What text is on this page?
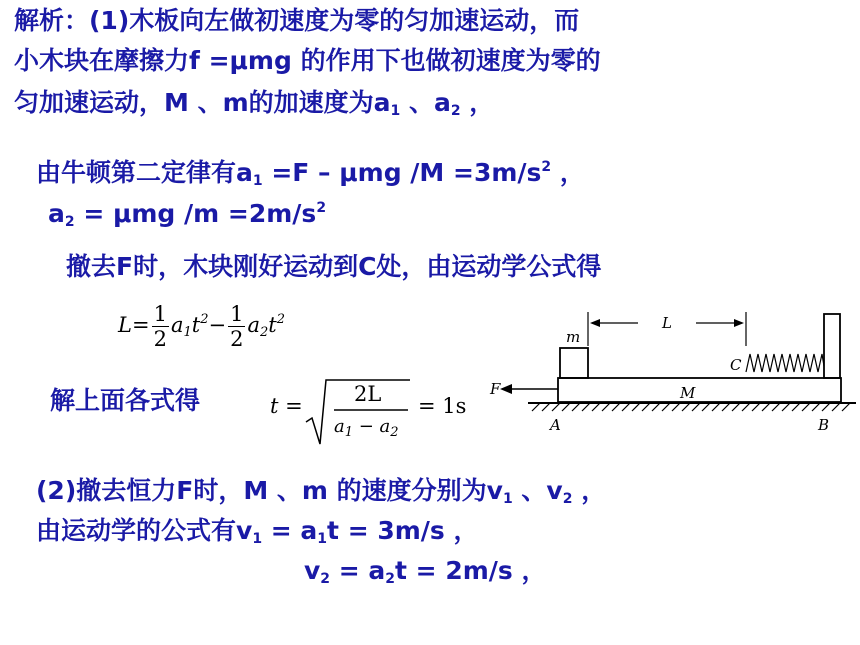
解析：(1)木板向左做初速度为零的匀加速运动，而
小木块在摩擦力f =μmg 的作用下也做初速度为零的
匀加速运动，M 、m的加速度为$a_1$ 、$a_2$ ，
由牛顿第二定律有$a_1 =F - \mu mg$ $/M =3m/s^2$ ，
$a_2 = \mu mg$ $/m =2m/s^2$
撤去F时，木块刚好运动到C处，由运动学公式得
$L= \frac{1}{2} a1t^2- \frac{1}{2} a2t^2$
解上面各式得	t = 2L
$a_1 - a_2$
= 1s
m
L
C
F	M
A	B
(2)撤去恒力F时，M 、m 的速度分别为$v_1$ 、$v_2$ ，
由运动学的公式有$v_1 = a_1t = 3m/s$ ，
$v_2 = a_2t = 2m/s$ ，
